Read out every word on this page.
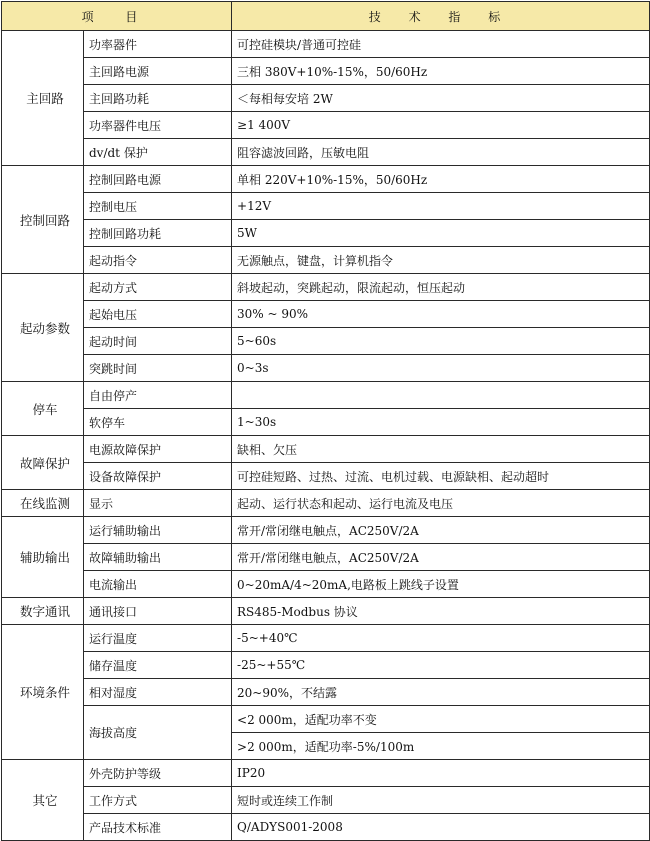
项 目		技 术 指 标
主回路	功率器件	可控硅模块/普通可控硅
	主回路电源	三相 380V+10%-15%，50/60Hz
	主回路功耗	＜每相每安培 2W
	功率器件电压	≥1 400V
	dv/dt 保护	阻容滤波回路，压敏电阻
控制回路	控制回路电源	单相 220V+10%-15%，50/60Hz
	控制电压	+12V
	控制回路功耗	5W
	起动指令	无源触点，键盘，计算机指令
起动参数	起动方式	斜坡起动，突跳起动，限流起动，恒压起动
	起始电压	30% ~ 90%
	起动时间	5~60s
	突跳时间	0~3s
停车	自由停产	
	软停车	1~30s
故障保护	电源故障保护	缺相、欠压
	设备故障保护	可控硅短路、过热、过流、电机过载、电源缺相、起动超时
在线监测	显示	起动、运行状态和起动、运行电流及电压
辅助输出	运行辅助输出	常开/常闭继电触点，AC250V/2A
	故障辅助输出	常开/常闭继电触点，AC250V/2A
	电流输出	0~20mA/4~20mA,电路板上跳线子设置
数字通讯	通讯接口	RS485-Modbus 协议
环境条件	运行温度	-5~+40℃
	储存温度	-25~+55℃
	相对湿度	20~90%，不结露
	海拔高度	<2 000m，适配功率不变
		>2 000m，适配功率-5%/100m
其它	外壳防护等级	IP20
	工作方式	短时或连续工作制
	产品技术标准	Q/ADYS001-2008
